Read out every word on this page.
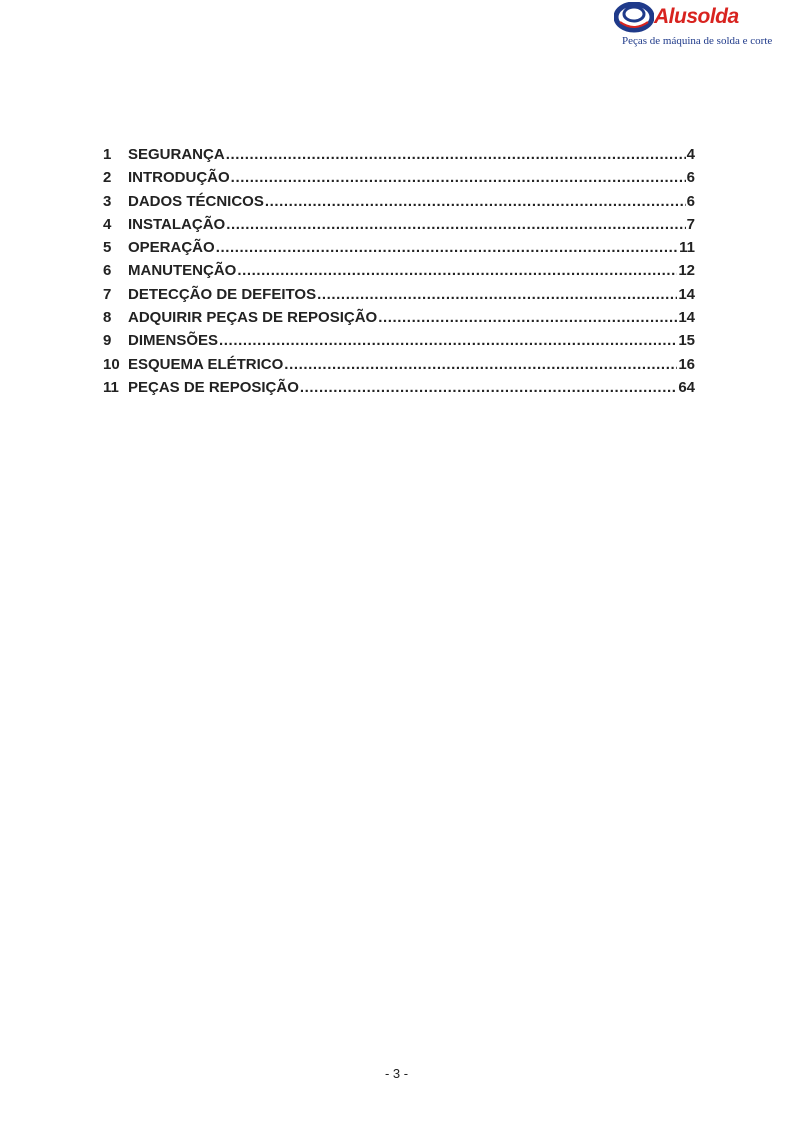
Alusolda
Peças de máquina de solda e corte
1	SEGURANÇA .....	4
2	INTRODUÇÃO .....	6
3	DADOS TÉCNICOS .....	6
4	INSTALAÇÃO .....	7
5	OPERAÇÃO .....	11
6	MANUTENÇÃO .....	12
7	DETECÇÃO DE DEFEITOS .....	14
8	ADQUIRIR PEÇAS DE REPOSIÇÃO .....	14
9	DIMENSÕES .....	15
10 ESQUEMA ELÉTRICO .....	16
11 PEÇAS DE REPOSIÇÃO .....	64
- 3 -
